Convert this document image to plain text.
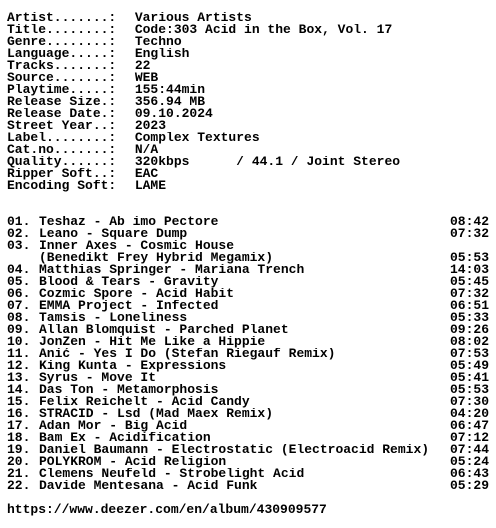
Artist.......: Various Artists
Title........: Code:303 Acid in the Box, Vol. 17
Genre........: Techno
Language.....: English
Tracks.......: 22
Source.......: WEB
Playtime.....: 155:44min
Release Size.: 356.94 MB
Release Date.: 09.10.2024
Street Year..: 2023
Label........: Complex Textures
Cat.no.......: N/A
Quality......: 320kbps      / 44.1 / Joint Stereo
Ripper Soft..: EAC
Encoding Soft: LAME
01. Teshaz - Ab imo Pectore	08:42
02. Leano - Square Dump	07:32
03. Inner Axes - Cosmic House
(Benedikt Frey Hybrid Megamix)	05:53
04. Matthias Springer - Mariana Trench	14:03
05. Blood & Tears - Gravity	05:45
06. Cozmic Spore - Acid Habit	07:32
07. EMMA Project - Infected	06:51
08. Tamsis - Loneliness	05:33
09. Allan Blomquist - Parched Planet	09:26
10. JonZen - Hit Me Like a Hippie	08:02
11. Anić - Yes I Do (Stefan Riegauf Remix)	07:53
12. King Kunta - Expressions	05:49
13. Syrus - Move It	05:41
14. Das Ton - Metamorphosis	05:53
15. Felix Reichelt - Acid Candy	07:30
16. STRACID - Lsd (Mad Maex Remix)	04:20
17. Adan Mor - Big Acid	06:47
18. Bam Ex - Acidification	07:12
19. Daniel Baumann - Electrostatic (Electroacid Remix)	07:44
20. POLYKROM - Acid Religion	05:24
21. Clemens Neufeld - Strobelight Acid	06:43
22. Davide Mentesana - Acid Funk	05:29
https://www.deezer.com/en/album/430909577
